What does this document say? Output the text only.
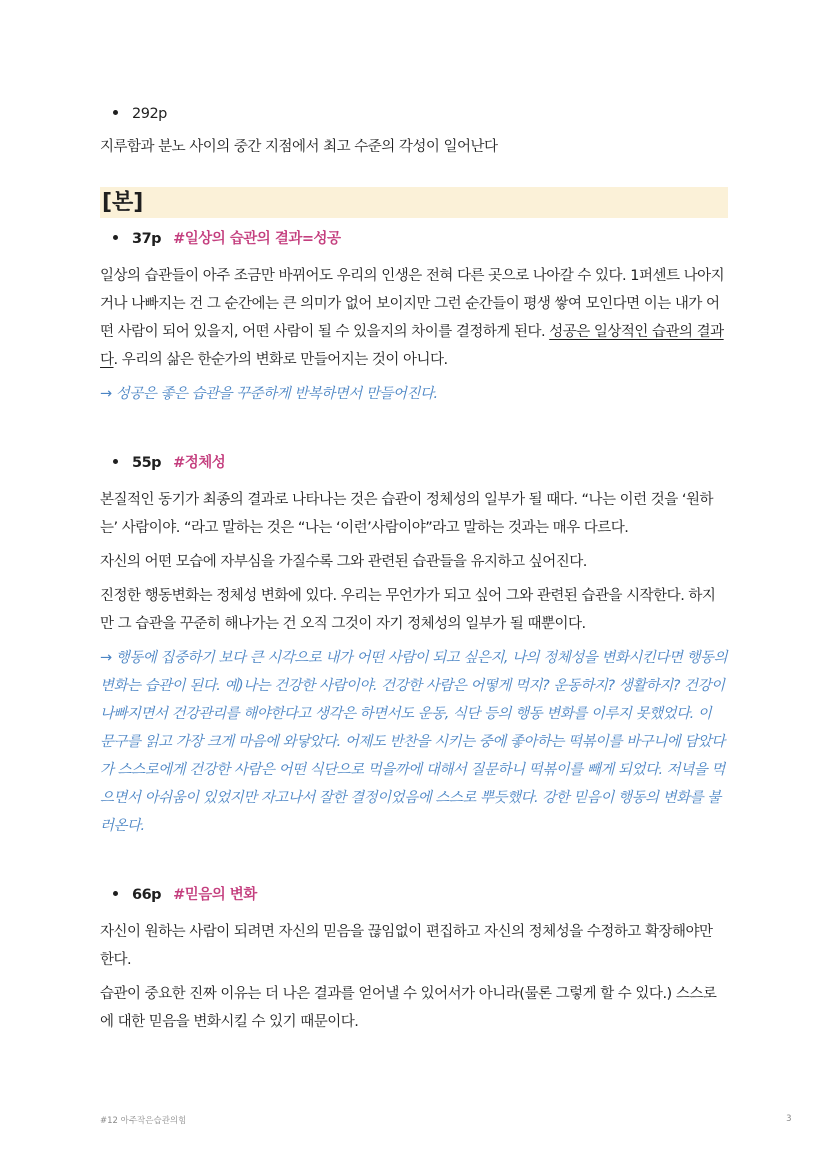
292p

지루함과 분노 사이의 중간 지점에서 최고 수준의 각성이 일어난다

[본]
37p #일상의 습관의 결과=성공

일상의 습관들이 아주 조금만 바뀌어도 우리의 인생은 전혀 다른 곳으로 나아갈 수 있다. 1퍼센트 나아지거나 나빠지는 건 그 순간에는 큰 의미가 없어 보이지만 그런 순간들이 평생 쌓여 모인다면 이는 내가 어떤 사람이 되어 있을지, 어떤 사람이 될 수 있을지의 차이를 결정하게 된다. 성공은 일상적인 습관의 결과다. 우리의 삶은 한순가의 변화로 만들어지는 것이 아니다.

→ 성공은 좋은 습관을 꾸준하게 반복하면서 만들어진다.

55p #정체성

본질적인 동기가 최종의 결과로 나타나는 것은 습관이 정체성의 일부가 될 때다. “나는 이런 것을 ‘원하는’ 사람이야. “라고 말하는 것은 “나는 ‘이런’사람이야”라고 말하는 것과는 매우 다르다.

자신의 어떤 모습에 자부심을 가질수록 그와 관련된 습관들을 유지하고 싶어진다.

진정한 행동변화는 정체성 변화에 있다. 우리는 무언가가 되고 싶어 그와 관련된 습관을 시작한다. 하지만 그 습관을 꾸준히 해나가는 건 오직 그것이 자기 정체성의 일부가 될 때뿐이다.

→ 행동에 집중하기 보다 큰 시각으로 내가 어떤 사람이 되고 싶은지, 나의 정체성을 변화시킨다면 행동의 변화는 습관이 된다. 예)나는 건강한 사람이야. 건강한 사람은 어떻게 먹지? 운동하지? 생활하지? 건강이 나빠지면서 건강관리를 해야한다고 생각은 하면서도 운동, 식단 등의 행동 변화를 이루지 못했었다. 이 문구를 읽고 가장 크게 마음에 와닿았다. 어제도 반찬을 시키는 중에 좋아하는 떡볶이를 바구니에 담았다가 스스로에게 건강한 사람은 어떤 식단으로 먹을까에 대해서 질문하니 떡볶이를 빼게 되었다. 저녁을 먹으면서 아쉬움이 있었지만 자고나서 잘한 결정이었음에 스스로 뿌듯했다. 강한 믿음이 행동의 변화를 불러온다.

66p #믿음의 변화

자신이 원하는 사람이 되려면 자신의 믿음을 끊임없이 편집하고 자신의 정체성을 수정하고 확장해야만 한다.

습관이 중요한 진짜 이유는 더 나은 결과를 얻어낼 수 있어서가 아니라(물론 그렇게 할 수 있다.) 스스로에 대한 믿음을 변화시킬 수 있기 때문이다.

#12 아주작은습관의힘	3
